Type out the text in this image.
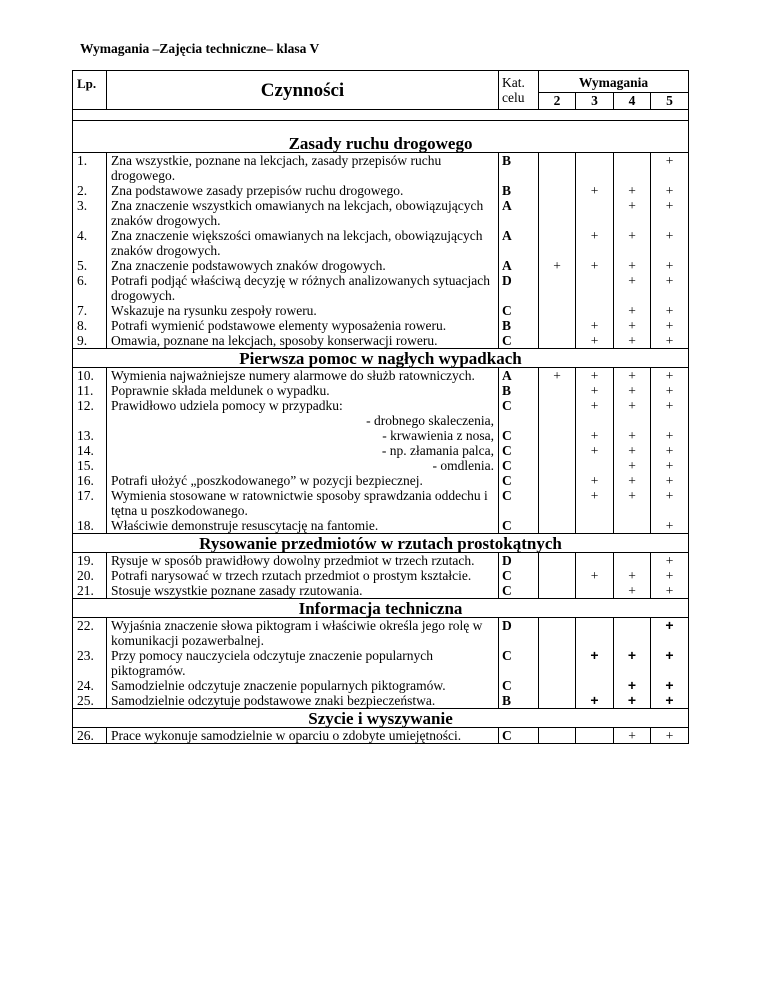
Wymagania –Zajęcia techniczne– klasa V
Lp.	Czynności	Kat. celu	Wymagania			
			2	3	4	5

Zasady ruchu drogowego						
1.	Zna wszystkie, poznane na lekcjach, zasady przepisów ruchu drogowego.	B				+
2.	Zna podstawowe zasady przepisów ruchu drogowego.	B		+	+	+
3.	Zna znaczenie wszystkich omawianych na lekcjach, obowiązujących znaków drogowych.	A			+	+
4.	Zna znaczenie większości omawianych na lekcjach, obowiązujących znaków drogowych.	A		+	+	+
5.	Zna znaczenie podstawowych znaków drogowych.	A	+	+	+	+
6.	Potrafi podjąć właściwą decyzję w różnych analizowanych sytuacjach drogowych.	D			+	+
7.	Wskazuje na rysunku zespoły roweru.	C			+	+
8.	Potrafi wymienić podstawowe elementy wyposażenia roweru.	B		+	+	+
9.	Omawia, poznane na lekcjach, sposoby konserwacji roweru.	C		+	+	+
Pierwsza pomoc w nagłych wypadkach						
10.	Wymienia najważniejsze numery alarmowe do służb ratowniczych.	A	+	+	+	+
11.	Poprawnie składa meldunek o wypadku.	B		+	+	+
12.	Prawidłowo udziela pomocy w przypadku:
- drobnego skaleczenia,	C		+	+	+
13.	- krwawienia z nosa,	C		+	+	+
14.	- np. złamania palca,	C		+	+	+
15.	- omdlenia.	C			+	+
16.	Potrafi ułożyć „poszkodowanego” w pozycji bezpiecznej.	C		+	+	+
17.	Wymienia stosowane w ratownictwie sposoby sprawdzania oddechu i tętna u poszkodowanego.	C		+	+	+
18.	Właściwie demonstruje resuscytację na fantomie.	C				+
Rysowanie przedmiotów w rzutach prostokątnych						
19.	Rysuje w sposób prawidłowy dowolny przedmiot w trzech rzutach.	D				+
20.	Potrafi narysować w trzech rzutach przedmiot o prostym kształcie.	C		+	+	+
21.	Stosuje wszystkie poznane zasady rzutowania.	C			+	+
Informacja techniczna						
22.	Wyjaśnia znaczenie słowa piktogram i właściwie określa jego rolę w komunikacji pozawerbalnej.	D				+
23.	Przy pomocy nauczyciela odczytuje znaczenie popularnych piktogramów.	C		+	+	+
24.	Samodzielnie odczytuje znaczenie popularnych piktogramów.	C			+	+
25.	Samodzielnie odczytuje podstawowe znaki bezpieczeństwa.	B		+	+	+
Szycie i wyszywanie						
26.	Prace wykonuje samodzielnie w oparciu o zdobyte umiejętności.	C			+	+
